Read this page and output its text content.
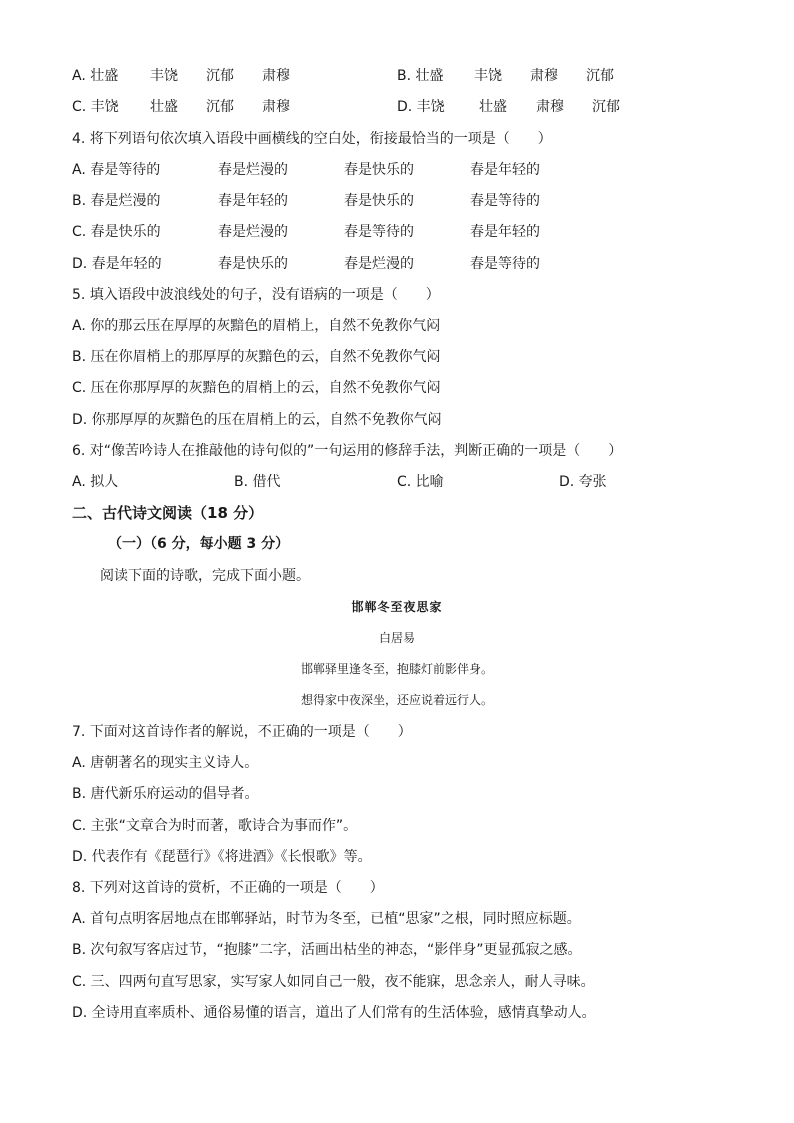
A. 壮盛 丰饶 沉郁 肃穆	B. 壮盛 丰饶 肃穆 沉郁
C. 丰饶 壮盛 沉郁 肃穆	D. 丰饶 壮盛 肃穆 沉郁
4. 将下列语句依次填入语段中画横线的空白处，衔接最恰当的一项是（　　）
A. 春是等待的	春是烂漫的	春是快乐的	春是年轻的
B. 春是烂漫的	春是年轻的	春是快乐的	春是等待的
C. 春是快乐的	春是烂漫的	春是等待的	春是年轻的
D. 春是年轻的	春是快乐的	春是烂漫的	春是等待的
5. 填入语段中波浪线处的句子，没有语病的一项是（　　）
A. 你的那云压在厚厚的灰黯色的眉梢上，自然不免教你气闷
B. 压在你眉梢上的那厚厚的灰黯色的云，自然不免教你气闷
C. 压在你那厚厚的灰黯色的眉梢上的云，自然不免教你气闷
D. 你那厚厚的灰黯色的压在眉梢上的云，自然不免教你气闷
6. 对“像苦吟诗人在推敲他的诗句似的”一句运用的修辞手法，判断正确的一项是（　　）
A. 拟人	B. 借代	C. 比喻	D. 夸张
二、古代诗文阅读（18 分）
（一）（6 分，每小题 3 分）
阅读下面的诗歌，完成下面小题。
邯郸冬至夜思家
白居易
邯郸驿里逢冬至，抱膝灯前影伴身。
想得家中夜深坐，还应说着远行人。
7. 下面对这首诗作者的解说，不正确的一项是（　　）
A. 唐朝著名的现实主义诗人。
B. 唐代新乐府运动的倡导者。
C. 主张“文章合为时而著，歌诗合为事而作”。
D. 代表作有《琵琶行》《将进酒》《长恨歌》等。
8. 下列对这首诗的赏析，不正确的一项是（　　）
A. 首句点明客居地点在邯郸驿站，时节为冬至，已植“思家”之根，同时照应标题。
B. 次句叙写客店过节，“抱膝”二字，活画出枯坐的神态，“影伴身”更显孤寂之感。
C. 三、四两句直写思家，实写家人如同自己一般，夜不能寐，思念亲人，耐人寻味。
D. 全诗用直率质朴、通俗易懂的语言，道出了人们常有的生活体验，感情真挚动人。
